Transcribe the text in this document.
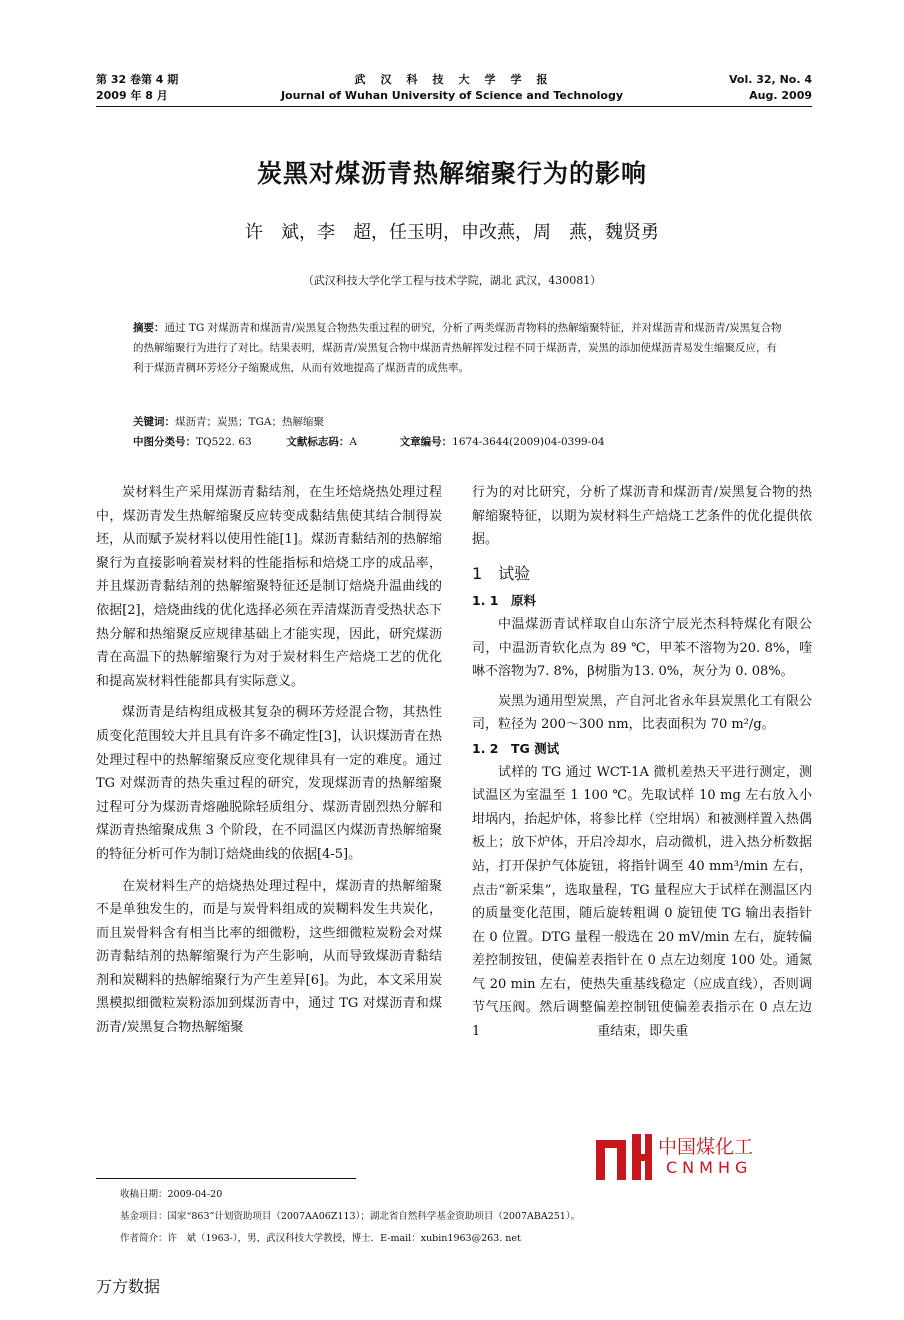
第 32 卷第 4 期
2009 年 8 月
武　汉　科　技　大　学　学　报
Journal of Wuhan University of Science and Technology
Vol. 32, No. 4
Aug. 2009
炭黑对煤沥青热解缩聚行为的影响
许　斌，李　超，任玉明，申改燕，周　燕，魏贤勇
（武汉科技大学化学工程与技术学院，湖北 武汉，430081）
摘要：通过 TG 对煤沥青和煤沥青/炭黑复合物热失重过程的研究，分析了两类煤沥青物料的热解缩聚特征，并对煤沥青和煤沥青/炭黑复合物的热解缩聚行为进行了对比。结果表明，煤沥青/炭黑复合物中煤沥青热解挥发过程不同于煤沥青，炭黑的添加使煤沥青易发生缩聚反应，有利于煤沥青稠环芳烃分子缩聚成焦，从而有效地提高了煤沥青的成焦率。
关键词：煤沥青；炭黑；TGA；热解缩聚
中图分类号：TQ522. 63	文献标志码：A	文章编号：1674-3644(2009)04-0399-04

炭材料生产采用煤沥青黏结剂，在生坯焙烧热处理过程中，煤沥青发生热解缩聚反应转变成黏结焦使其结合制得炭坯，从而赋予炭材料以使用性能[1]。煤沥青黏结剂的热解缩聚行为直接影响着炭材料的性能指标和焙烧工序的成品率，并且煤沥青黏结剂的热解缩聚特征还是制订焙烧升温曲线的依据[2]，焙烧曲线的优化选择必须在弄清煤沥青受热状态下热分解和热缩聚反应规律基础上才能实现，因此，研究煤沥青在高温下的热解缩聚行为对于炭材料生产焙烧工艺的优化和提高炭材料性能都具有实际意义。

煤沥青是结构组成极其复杂的稠环芳烃混合物，其热性质变化范围较大并且具有许多不确定性[3]，认识煤沥青在热处理过程中的热解缩聚反应变化规律具有一定的难度。通过 TG 对煤沥青的热失重过程的研究，发现煤沥青的热解缩聚过程可分为煤沥青熔融脱除轻质组分、煤沥青剧烈热分解和煤沥青热缩聚成焦 3 个阶段，在不同温区内煤沥青热解缩聚的特征分析可作为制订焙烧曲线的依据[4-5]。

在炭材料生产的焙烧热处理过程中，煤沥青的热解缩聚不是单独发生的，而是与炭骨料组成的炭糊料发生共炭化，而且炭骨料含有相当比率的细微粉，这些细微粒炭粉会对煤沥青黏结剂的热解缩聚行为产生影响，从而导致煤沥青黏结剂和炭糊料的热解缩聚行为产生差异[6]。为此，本文采用炭黑模拟细微粒炭粉添加到煤沥青中，通过 TG 对煤沥青和煤沥青/炭黑复合物热解缩聚

行为的对比研究，分析了煤沥青和煤沥青/炭黑复合物的热解缩聚特征，以期为炭材料生产焙烧工艺条件的优化提供依据。

1　试验
1. 1　原料

中温煤沥青试样取自山东济宁辰光杰科特煤化有限公司，中温沥青软化点为 89 ℃，甲苯不溶物为20. 8%，喹啉不溶物为7. 8%，β树脂为13. 0%，灰分为 0. 08%。

炭黑为通用型炭黑，产自河北省永年县炭黑化工有限公司，粒径为 200～300 nm，比表面积为 70 m²/g。

1. 2　TG 测试

试样的 TG 通过 WCT-1A 微机差热天平进行测定，测试温区为室温至 1 100 ℃。先取试样 10 mg 左右放入小坩埚内，抬起炉体，将参比样（空坩埚）和被测样置入热偶板上；放下炉体，开启冷却水，启动微机，进入热分析数据站，打开保护气体旋钮，将指针调至 40 mm³/min 左右，点击“新采集”，选取量程，TG 量程应大于试样在测温区内的质量变化范围，随后旋转粗调 0 旋钮使 TG 输出表指针在 0 位置。DTG 量程一般选在 20 mV/min 左右，旋转偏差控制按钮，使偏差表指针在 0 点左边刻度 100 处。通氮气 20 min 左右，使热失重基线稳定（应成直线），否则调节气压阀。然后调整偏差控制钮使偏差表指示在 0 点左边 1　　　　　　　　　重结束，即失重

中国煤化工
CNMHG
收稿日期：2009-04-20
基金项目：国家“863”计划资助项目（2007AA06Z113）；湖北省自然科学基金资助项目（2007ABA251）。
作者简介：许　斌（1963-），男，武汉科技大学教授，博士．E-mail：xubin1963@263. net
万方数据
